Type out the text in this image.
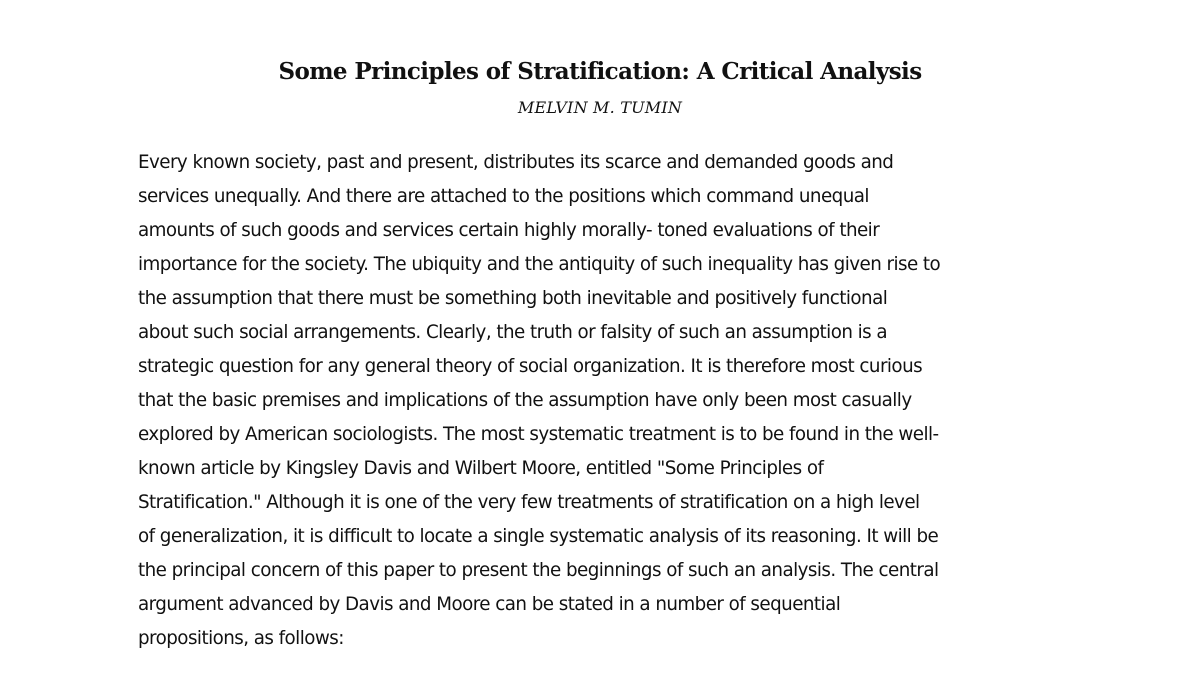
Some Principles of Stratification: A Critical Analysis
MELVIN M. TUMIN
Every known society, past and present, distributes its scarce and demanded goods and
services unequally. And there are attached to the positions which command unequal
amounts of such goods and services certain highly morally- toned evaluations of their
importance for the society. The ubiquity and the antiquity of such inequality has given rise to
the assumption that there must be something both inevitable and positively functional
about such social arrangements. Clearly, the truth or falsity of such an assumption is a
strategic question for any general theory of social organization. It is therefore most curious
that the basic premises and implications of the assumption have only been most casually
explored by American sociologists. The most systematic treatment is to be found in the well-
known article by Kingsley Davis and Wilbert Moore, entitled "Some Principles of
Stratification." Although it is one of the very few treatments of stratification on a high level
of generalization, it is difficult to locate a single systematic analysis of its reasoning. It will be
the principal concern of this paper to present the beginnings of such an analysis. The central
argument advanced by Davis and Moore can be stated in a number of sequential
propositions, as follows:
